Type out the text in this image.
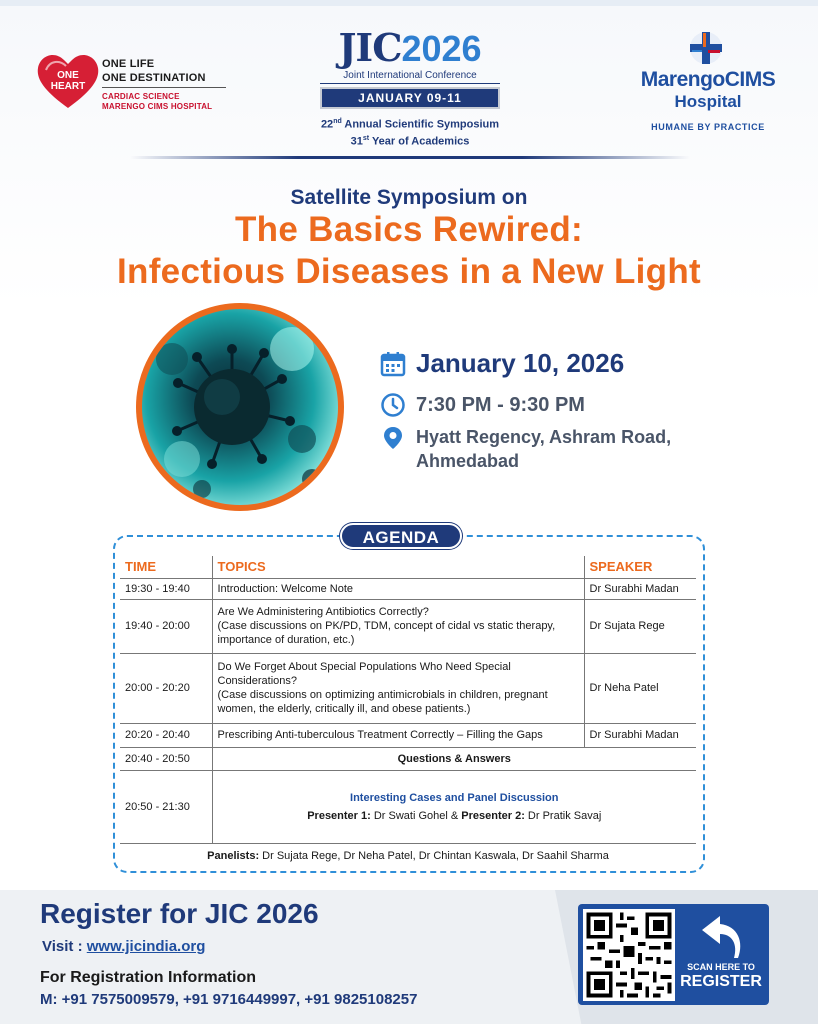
ONE
HEART
ONE LIFE
ONE DESTINATION
CARDIAC SCIENCE
MARENGO CIMS HOSPITAL
JIC2026
Joint International Conference
JANUARY 09-11
22nd Annual Scientific Symposium
31st Year of Academics
MarengoCIMS
Hospital
HUMANE BY PRACTICE
Satellite Symposium on
The Basics Rewired:
Infectious Diseases in a New Light
January 10, 2026
7:30 PM - 9:30 PM
Hyatt Regency, Ashram Road,
Ahmedabad
AGENDA
TIME	TOPICS	SPEAKER
19:30 - 19:40	Introduction: Welcome Note	Dr Surabhi Madan
19:40 - 20:00	Are We Administering Antibiotics Correctly?
(Case discussions on PK/PD, TDM, concept of cidal vs static therapy, importance of duration, etc.)	Dr Sujata Rege
20:00 - 20:20	Do We Forget About Special Populations Who Need Special Considerations?
(Case discussions on optimizing antimicrobials in children, pregnant women, the elderly, critically ill, and obese patients.)	Dr Neha Patel
20:20 - 20:40	Prescribing Anti-tuberculous Treatment Correctly – Filling the Gaps	Dr Surabhi Madan
20:40 - 20:50	Questions & Answers	
20:50 - 21:30	Interesting Cases and Panel Discussion
Presenter 1: Dr Swati Gohel & Presenter 2: Dr Pratik Savaj	
Panelists: Dr Sujata Rege, Dr Neha Patel, Dr Chintan Kaswala, Dr Saahil Sharma
Register for JIC 2026
Visit : www.jicindia.org
For Registration Information
M: +91 7575009579, +91 9716449997, +91 9825108257
SCAN HERE TO
REGISTER
